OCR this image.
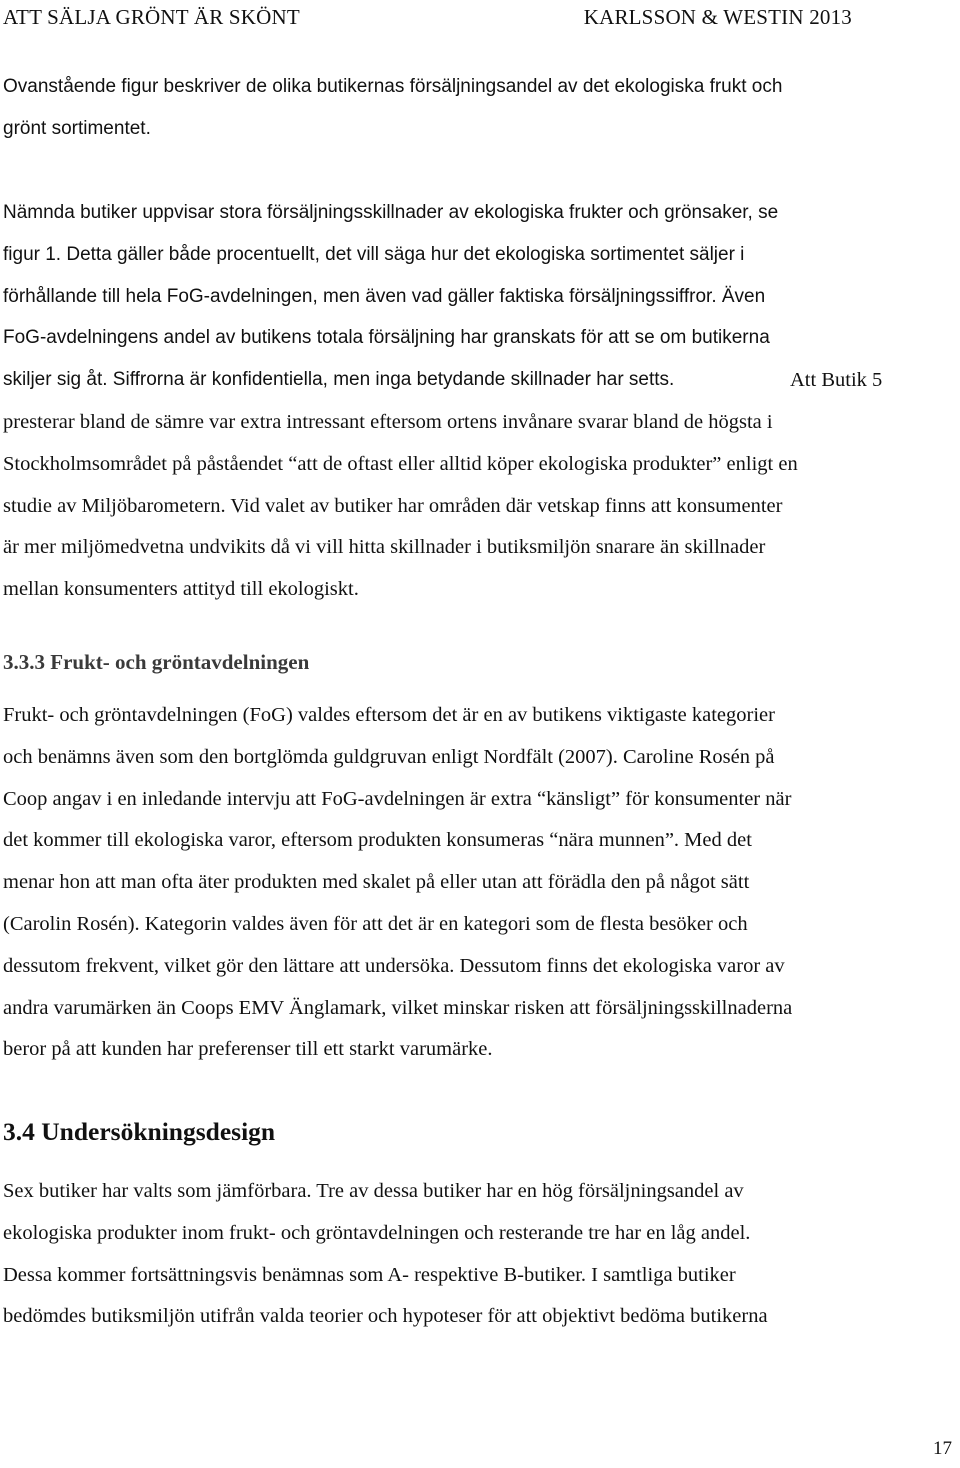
ATT SÄLJA GRÖNT ÄR SKÖNT	KARLSSON & WESTIN 2013

Ovanstående figur beskriver de olika butikernas försäljningsandel av det ekologiska frukt och
grönt sortimentet.

Nämnda butiker uppvisar stora försäljningsskillnader av ekologiska frukter och grönsaker, se
figur 1. Detta gäller både procentuellt, det vill säga hur det ekologiska sortimentet säljer i
förhållande till hela FoG-avdelningen, men även vad gäller faktiska försäljningssiffror. Även
FoG-avdelningens andel av butikens totala försäljning har granskats för att se om butikerna
skiljer sig åt. Siffrorna är konfidentiella, men inga betydande skillnader har setts.	Att Butik 5

presterar bland de sämre var extra intressant eftersom ortens invånare svarar bland de högsta i
Stockholmsområdet på påståendet “att de oftast eller alltid köper ekologiska produkter” enligt en
studie av Miljöbarometern. Vid valet av butiker har områden där vetskap finns att konsumenter
är mer miljömedvetna undvikits då vi vill hitta skillnader i butiksmiljön snarare än skillnader
mellan konsumenters attityd till ekologiskt.

3.3.3 Frukt- och gröntavdelningen

Frukt- och gröntavdelningen (FoG) valdes eftersom det är en av butikens viktigaste kategorier
och benämns även som den bortglömda guldgruvan enligt Nordfält (2007). Caroline Rosén på
Coop angav i en inledande intervju att FoG-avdelningen är extra “känsligt” för konsumenter när
det kommer till ekologiska varor, eftersom produkten konsumeras “nära munnen”. Med det
menar hon att man ofta äter produkten med skalet på eller utan att förädla den på något sätt
(Carolin Rosén). Kategorin valdes även för att det är en kategori som de flesta besöker och
dessutom frekvent, vilket gör den lättare att undersöka. Dessutom finns det ekologiska varor av
andra varumärken än Coops EMV Änglamark, vilket minskar risken att försäljningsskillnaderna
beror på att kunden har preferenser till ett starkt varumärke.

3.4 Undersökningsdesign

Sex butiker har valts som jämförbara. Tre av dessa butiker har en hög försäljningsandel av
ekologiska produkter inom frukt- och gröntavdelningen och resterande tre har en låg andel.
Dessa kommer fortsättningsvis benämnas som A- respektive B-butiker. I samtliga butiker
bedömdes butiksmiljön utifrån valda teorier och hypoteser för att objektivt bedöma butikerna

17
